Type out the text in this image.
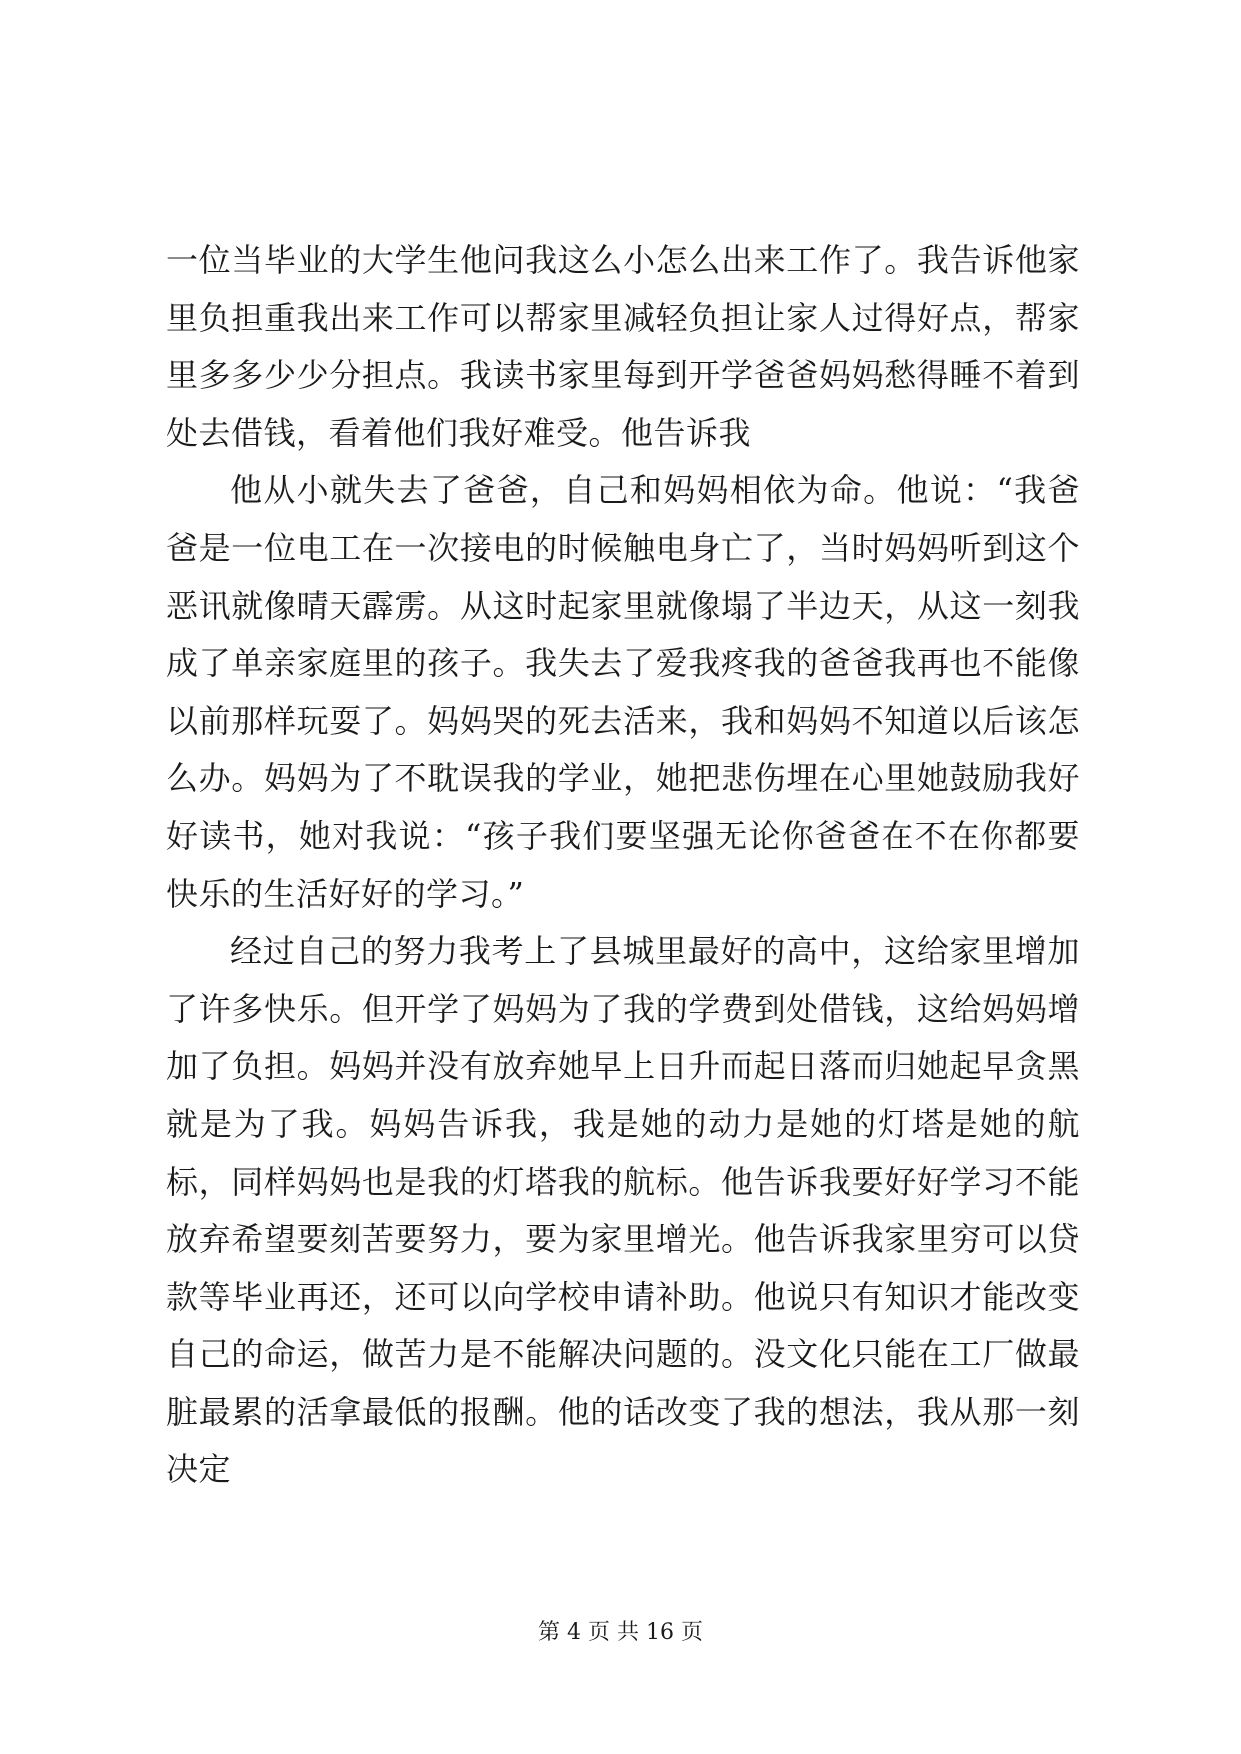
一位当毕业的大学生他问我这么小怎么出来工作了。我告诉他家里负担重我出来工作可以帮家里减轻负担让家人过得好点，帮家里多多少少分担点。我读书家里每到开学爸爸妈妈愁得睡不着到处去借钱，看着他们我好难受。他告诉我

他从小就失去了爸爸，自己和妈妈相依为命。他说：“我爸爸是一位电工在一次接电的时候触电身亡了，当时妈妈听到这个恶讯就像晴天霹雳。从这时起家里就像塌了半边天，从这一刻我成了单亲家庭里的孩子。我失去了爱我疼我的爸爸我再也不能像以前那样玩耍了。妈妈哭的死去活来，我和妈妈不知道以后该怎么办。妈妈为了不耽误我的学业，她把悲伤埋在心里她鼓励我好好读书，她对我说：“孩子我们要坚强无论你爸爸在不在你都要快乐的生活好好的学习。”

经过自己的努力我考上了县城里最好的高中，这给家里增加了许多快乐。但开学了妈妈为了我的学费到处借钱，这给妈妈增加了负担。妈妈并没有放弃她早上日升而起日落而归她起早贪黑就是为了我。妈妈告诉我，我是她的动力是她的灯塔是她的航标，同样妈妈也是我的灯塔我的航标。他告诉我要好好学习不能放弃希望要刻苦要努力，要为家里增光。他告诉我家里穷可以贷款等毕业再还，还可以向学校申请补助。他说只有知识才能改变自己的命运，做苦力是不能解决问题的。没文化只能在工厂做最脏最累的活拿最低的报酬。他的话改变了我的想法，我从那一刻决定

第 4 页 共 16 页
